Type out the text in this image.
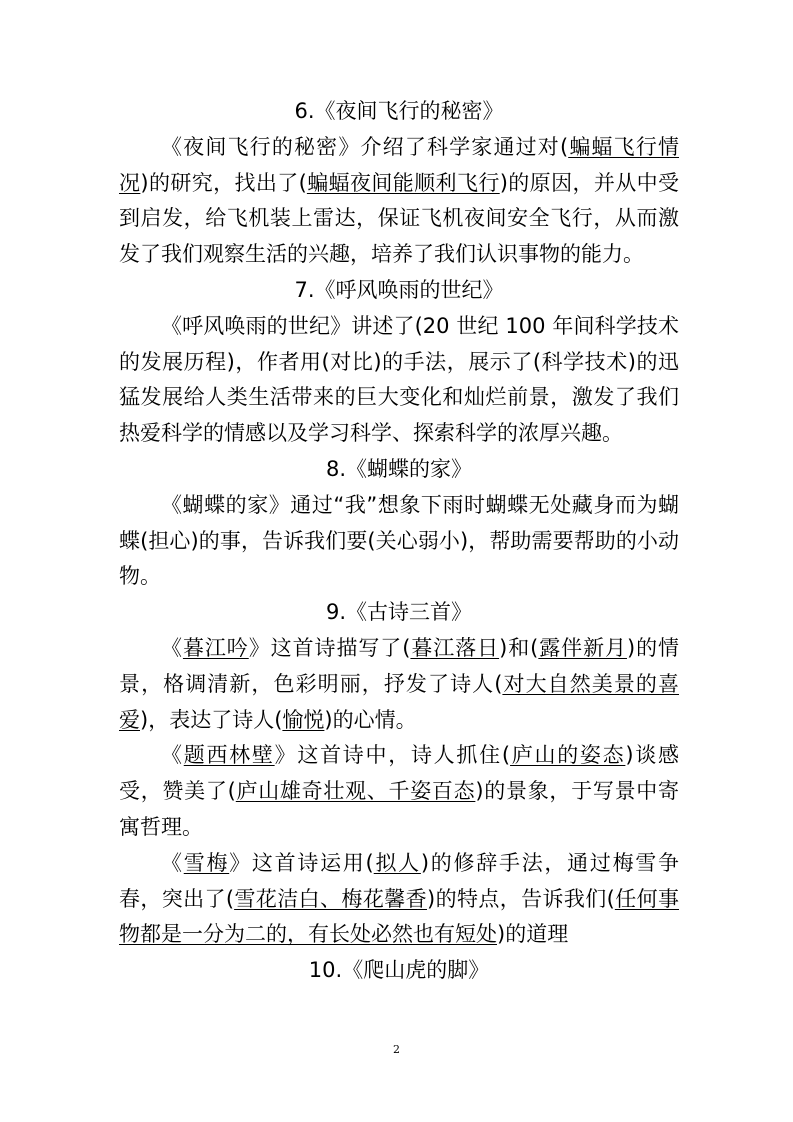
6.《夜间飞行的秘密》

《夜间飞行的秘密》介绍了科学家通过对(蝙蝠飞行情况)的研究，找出了(蝙蝠夜间能顺利飞行)的原因，并从中受到启发，给飞机装上雷达，保证飞机夜间安全飞行，从而激发了我们观察生活的兴趣，培养了我们认识事物的能力。

7.《呼风唤雨的世纪》

《呼风唤雨的世纪》讲述了(20 世纪 100 年间科学技术的发展历程)，作者用(对比)的手法，展示了(科学技术)的迅猛发展给人类生活带来的巨大变化和灿烂前景，激发了我们热爱科学的情感以及学习科学、探索科学的浓厚兴趣。

8.《蝴蝶的家》

《蝴蝶的家》通过“我”想象下雨时蝴蝶无处藏身而为蝴蝶(担心)的事，告诉我们要(关心弱小)，帮助需要帮助的小动物。

9.《古诗三首》

《暮江吟》这首诗描写了(暮江落日)和(露伴新月)的情景，格调清新，色彩明丽，抒发了诗人(对大自然美景的喜爱)，表达了诗人(愉悦)的心情。

《题西林壁》这首诗中，诗人抓住(庐山的姿态)谈感受，赞美了(庐山雄奇壮观、千姿百态)的景象，于写景中寄寓哲理。

《雪梅》这首诗运用(拟人)的修辞手法，通过梅雪争春，突出了(雪花洁白、梅花馨香)的特点，告诉我们(任何事物都是一分为二的，有长处必然也有短处)的道理

10.《爬山虎的脚》

2
